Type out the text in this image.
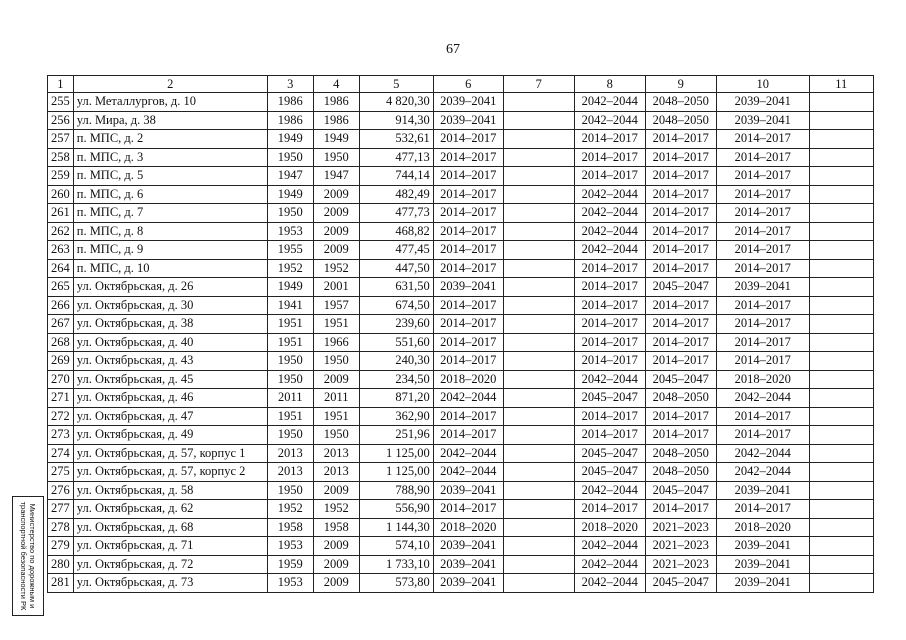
67
1	2	3	4	5	6	7	8	9	10	11
255	ул. Металлургов, д. 10	1986	1986	4 820,30	2039–2041		2042–2044	2048–2050	2039–2041	
256	ул. Мира, д. 38	1986	1986	914,30	2039–2041		2042–2044	2048–2050	2039–2041	
257	п. МПС, д. 2	1949	1949	532,61	2014–2017		2014–2017	2014–2017	2014–2017	
258	п. МПС, д. 3	1950	1950	477,13	2014–2017		2014–2017	2014–2017	2014–2017	
259	п. МПС, д. 5	1947	1947	744,14	2014–2017		2014–2017	2014–2017	2014–2017	
260	п. МПС, д. 6	1949	2009	482,49	2014–2017		2042–2044	2014–2017	2014–2017	
261	п. МПС, д. 7	1950	2009	477,73	2014–2017		2042–2044	2014–2017	2014–2017	
262	п. МПС, д. 8	1953	2009	468,82	2014–2017		2042–2044	2014–2017	2014–2017	
263	п. МПС, д. 9	1955	2009	477,45	2014–2017		2042–2044	2014–2017	2014–2017	
264	п. МПС, д. 10	1952	1952	447,50	2014–2017		2014–2017	2014–2017	2014–2017	
265	ул. Октябрьская, д. 26	1949	2001	631,50	2039–2041		2014–2017	2045–2047	2039–2041	
266	ул. Октябрьская, д. 30	1941	1957	674,50	2014–2017		2014–2017	2014–2017	2014–2017	
267	ул. Октябрьская, д. 38	1951	1951	239,60	2014–2017		2014–2017	2014–2017	2014–2017	
268	ул. Октябрьская, д. 40	1951	1966	551,60	2014–2017		2014–2017	2014–2017	2014–2017	
269	ул. Октябрьская, д. 43	1950	1950	240,30	2014–2017		2014–2017	2014–2017	2014–2017	
270	ул. Октябрьская, д. 45	1950	2009	234,50	2018–2020		2042–2044	2045–2047	2018–2020	
271	ул. Октябрьская, д. 46	2011	2011	871,20	2042–2044		2045–2047	2048–2050	2042–2044	
272	ул. Октябрьская, д. 47	1951	1951	362,90	2014–2017		2014–2017	2014–2017	2014–2017	
273	ул. Октябрьская, д. 49	1950	1950	251,96	2014–2017		2014–2017	2014–2017	2014–2017	
274	ул. Октябрьская, д. 57, корпус 1	2013	2013	1 125,00	2042–2044		2045–2047	2048–2050	2042–2044	
275	ул. Октябрьская, д. 57, корпус 2	2013	2013	1 125,00	2042–2044		2045–2047	2048–2050	2042–2044	
276	ул. Октябрьская, д. 58	1950	2009	788,90	2039–2041		2042–2044	2045–2047	2039–2041	
277	ул. Октябрьская, д. 62	1952	1952	556,90	2014–2017		2014–2017	2014–2017	2014–2017	
278	ул. Октябрьская, д. 68	1958	1958	1 144,30	2018–2020		2018–2020	2021–2023	2018–2020	
279	ул. Октябрьская, д. 71	1953	2009	574,10	2039–2041		2042–2044	2021–2023	2039–2041	
280	ул. Октябрьская, д. 72	1959	2009	1 733,10	2039–2041		2042–2044	2021–2023	2039–2041	
281	ул. Октябрьская, д. 73	1953	2009	573,80	2039–2041		2042–2044	2045–2047	2039–2041	
Министерство по дорожным и транспортной безопасности РК
